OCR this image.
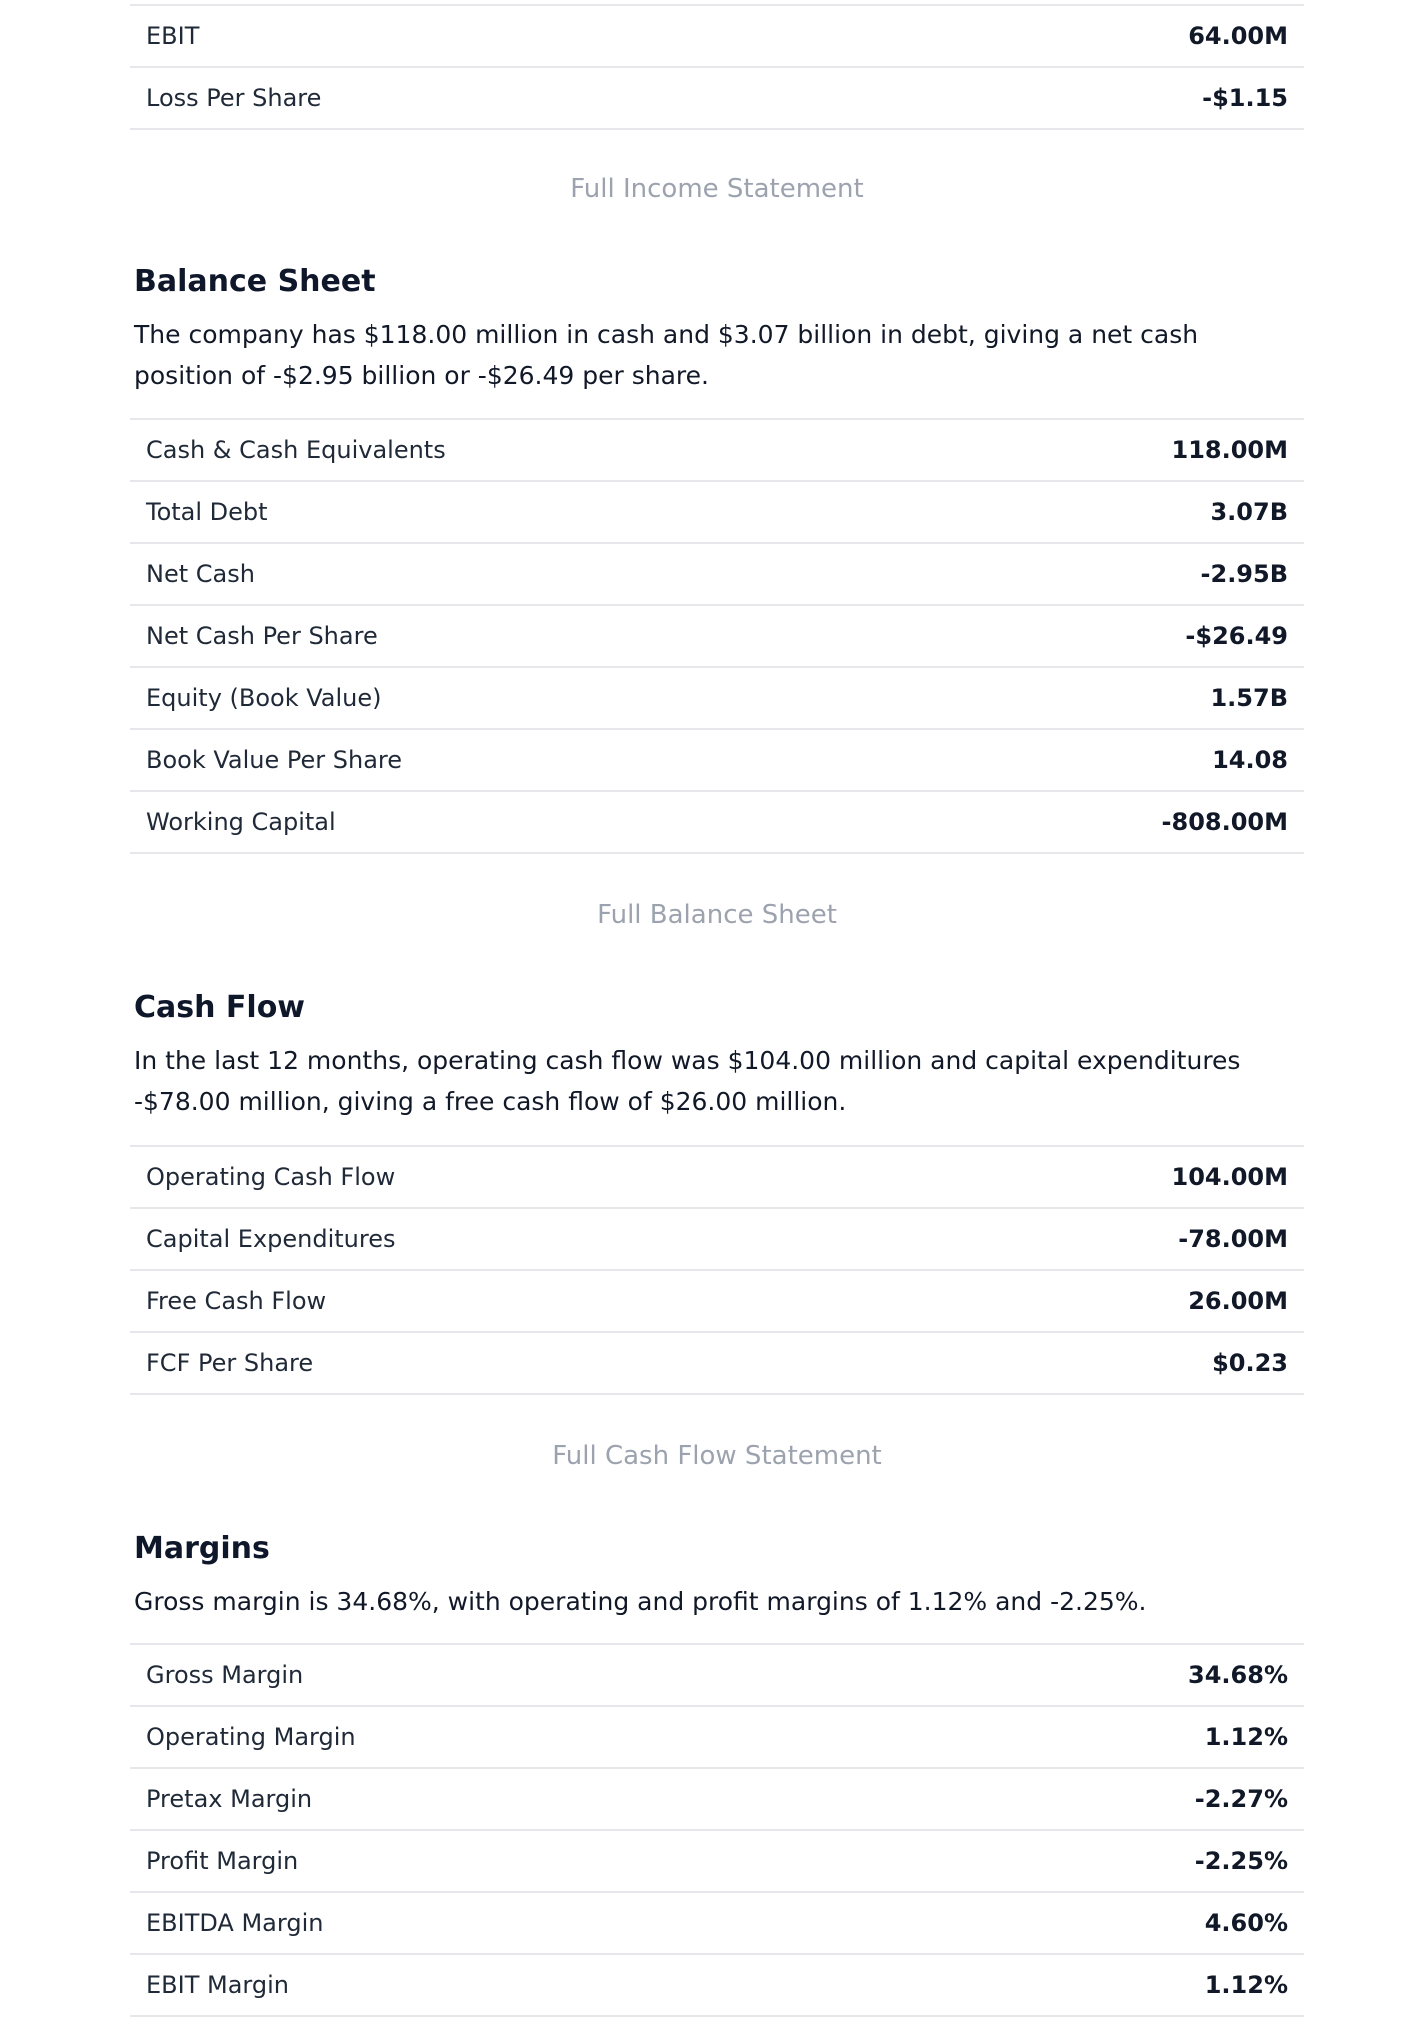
EBIT	64.00M
Loss Per Share	-$1.15
Full Income Statement
Balance Sheet

The company has $118.00 million in cash and $3.07 billion in debt, giving a net cash position of -$2.95 billion or -$26.49 per share.

Cash & Cash Equivalents	118.00M
Total Debt	3.07B
Net Cash	-2.95B
Net Cash Per Share	-$26.49
Equity (Book Value)	1.57B
Book Value Per Share	14.08
Working Capital	-808.00M
Full Balance Sheet
Cash Flow

In the last 12 months, operating cash flow was $104.00 million and capital expenditures -$78.00 million, giving a free cash flow of $26.00 million.

Operating Cash Flow	104.00M
Capital Expenditures	-78.00M
Free Cash Flow	26.00M
FCF Per Share	$0.23
Full Cash Flow Statement
Margins

Gross margin is 34.68%, with operating and profit margins of 1.12% and -2.25%.

Gross Margin	34.68%
Operating Margin	1.12%
Pretax Margin	-2.27%
Profit Margin	-2.25%
EBITDA Margin	4.60%
EBIT Margin	1.12%
